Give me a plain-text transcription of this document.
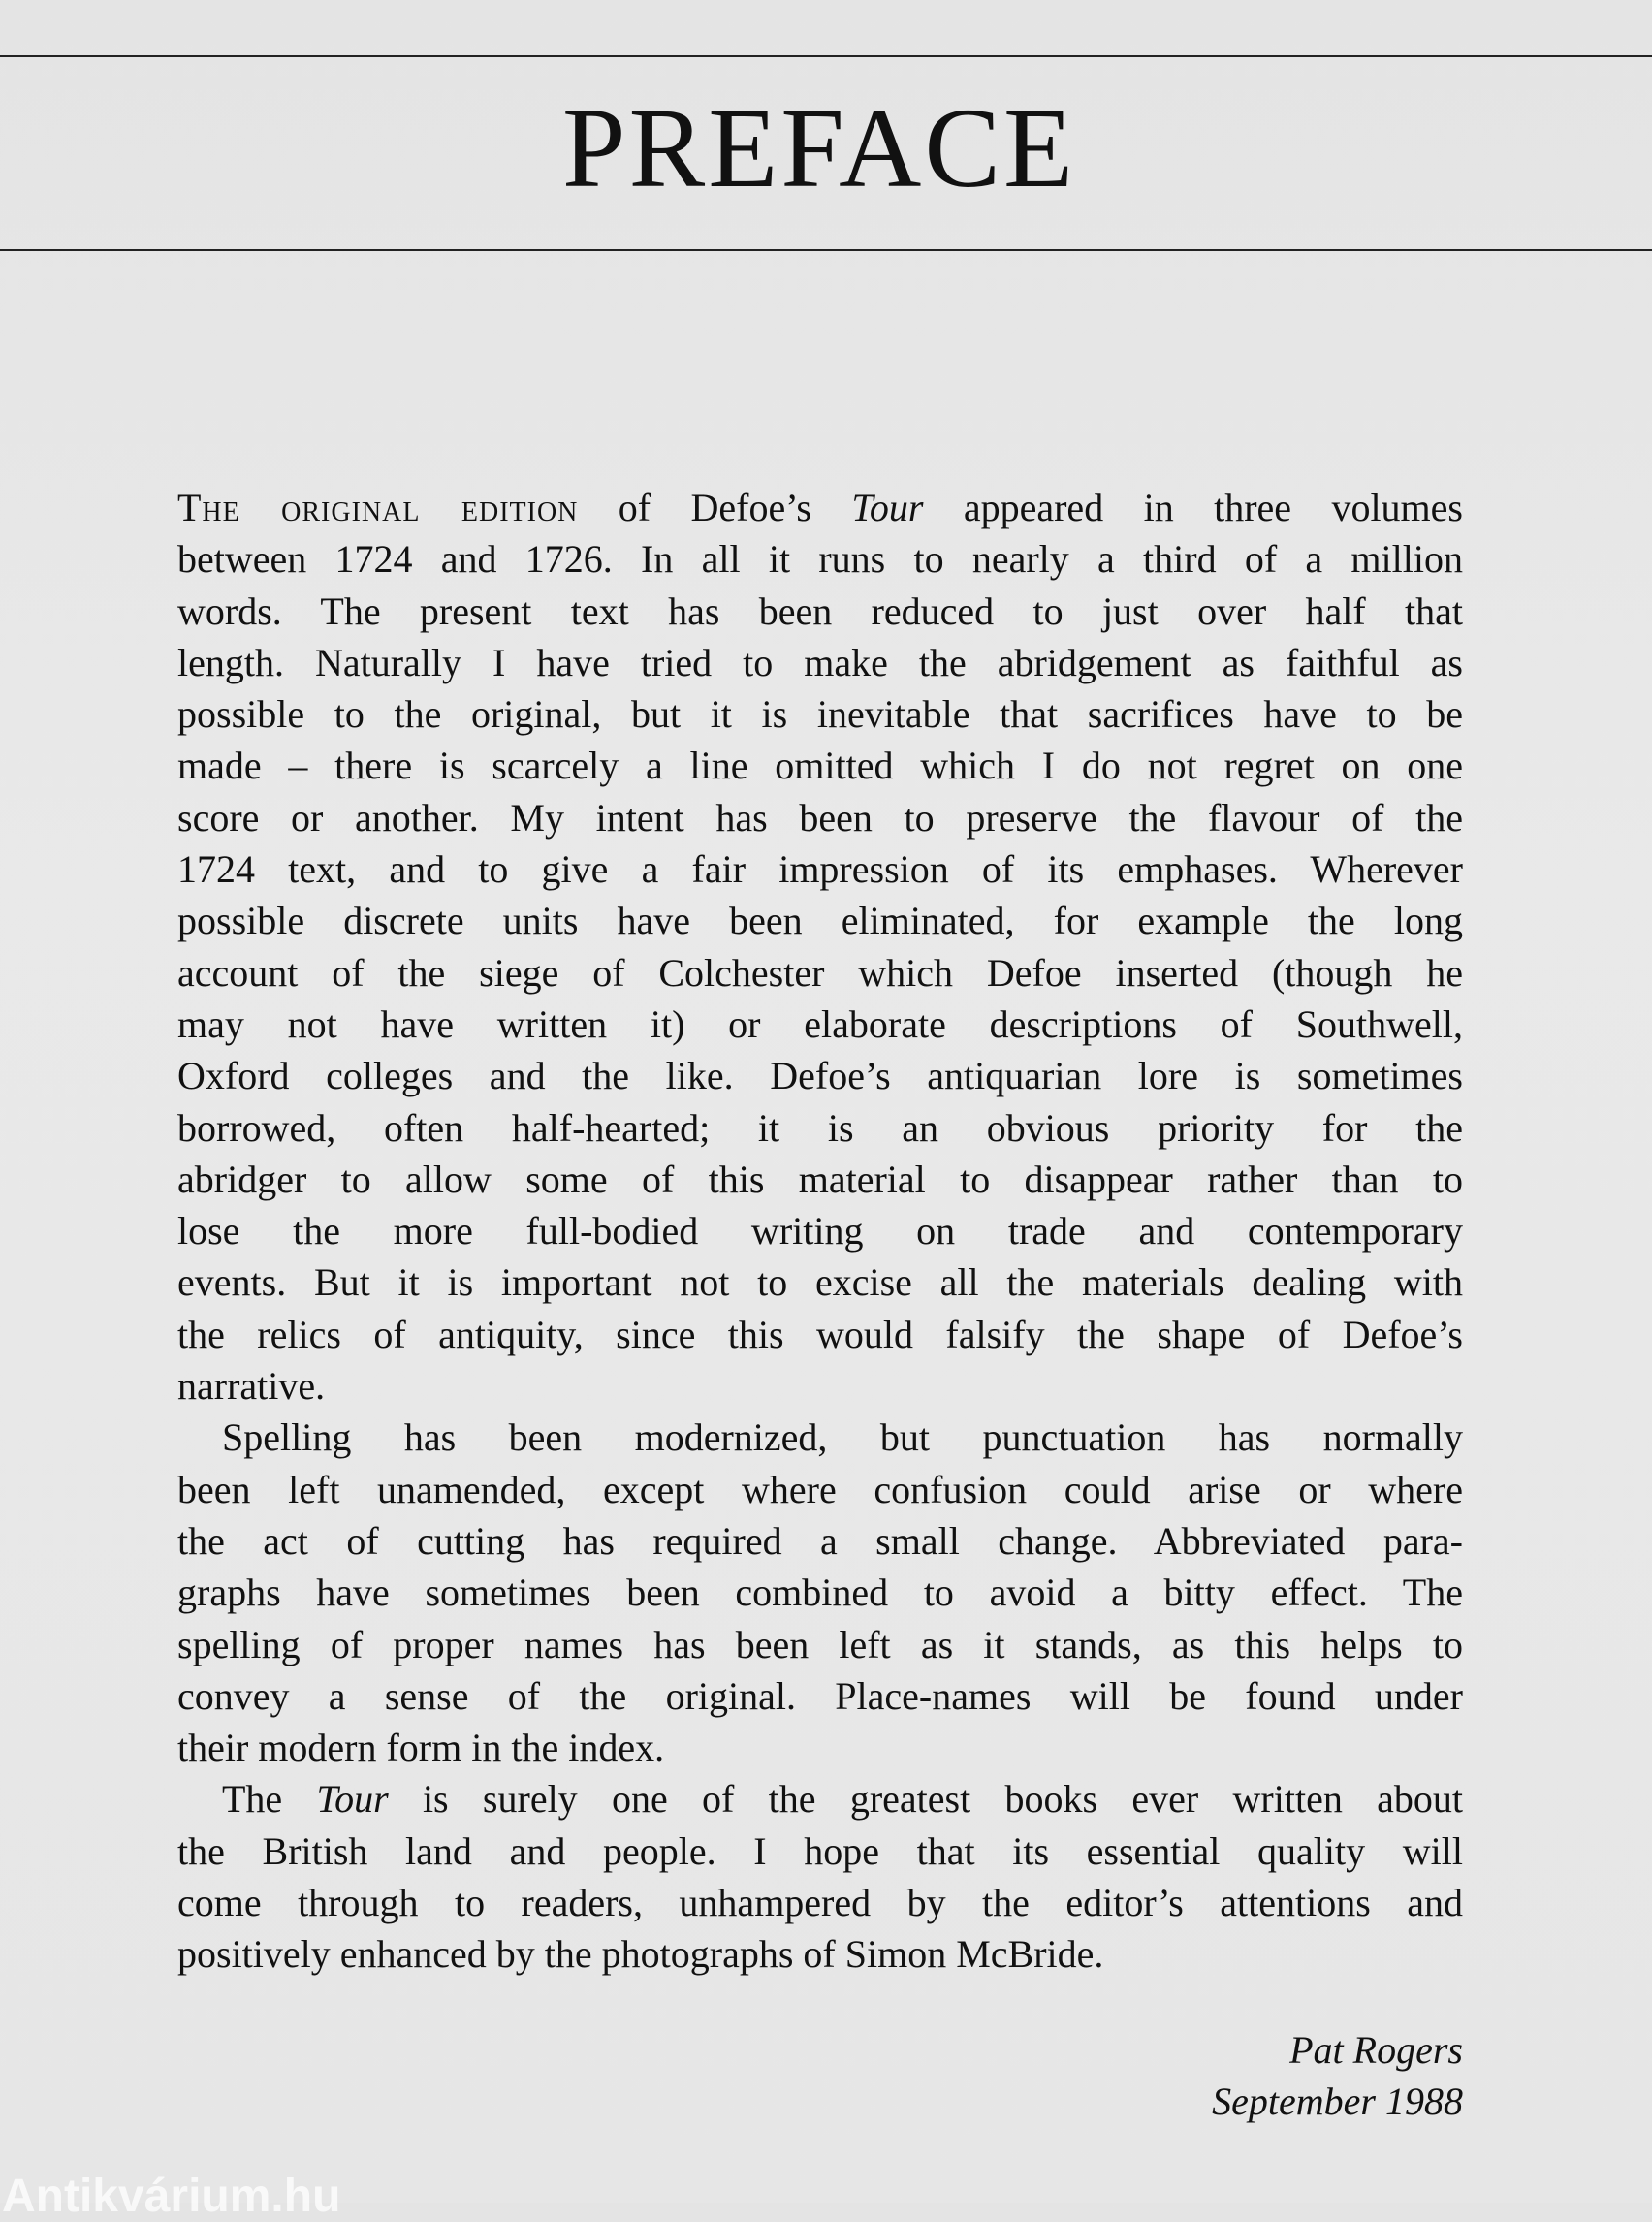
PREFACE
The original edition of Defoe’s Tour appeared in three volumes
between 1724 and 1726. In all it runs to nearly a third of a million
words. The present text has been reduced to just over half that
length. Naturally I have tried to make the abridgement as faithful as
possible to the original, but it is inevitable that sacrifices have to be
made – there is scarcely a line omitted which I do not regret on one
score or another. My intent has been to preserve the flavour of the
1724 text, and to give a fair impression of its emphases. Wherever
possible discrete units have been eliminated, for example the long
account of the siege of Colchester which Defoe inserted (though he
may not have written it) or elaborate descriptions of Southwell,
Oxford colleges and the like. Defoe’s antiquarian lore is sometimes
borrowed, often half-hearted; it is an obvious priority for the
abridger to allow some of this material to disappear rather than to
lose the more full-bodied writing on trade and contemporary
events. But it is important not to excise all the materials dealing with
the relics of antiquity, since this would falsify the shape of Defoe’s
narrative.
Spelling has been modernized, but punctuation has normally
been left unamended, except where confusion could arise or where
the act of cutting has required a small change. Abbreviated para-
graphs have sometimes been combined to avoid a bitty effect. The
spelling of proper names has been left as it stands, as this helps to
convey a sense of the original. Place-names will be found under
their modern form in the index.
The Tour is surely one of the greatest books ever written about
the British land and people. I hope that its essential quality will
come through to readers, unhampered by the editor’s attentions and
positively enhanced by the photographs of Simon McBride.
Pat Rogers
September 1988
Antikvárium.hu
